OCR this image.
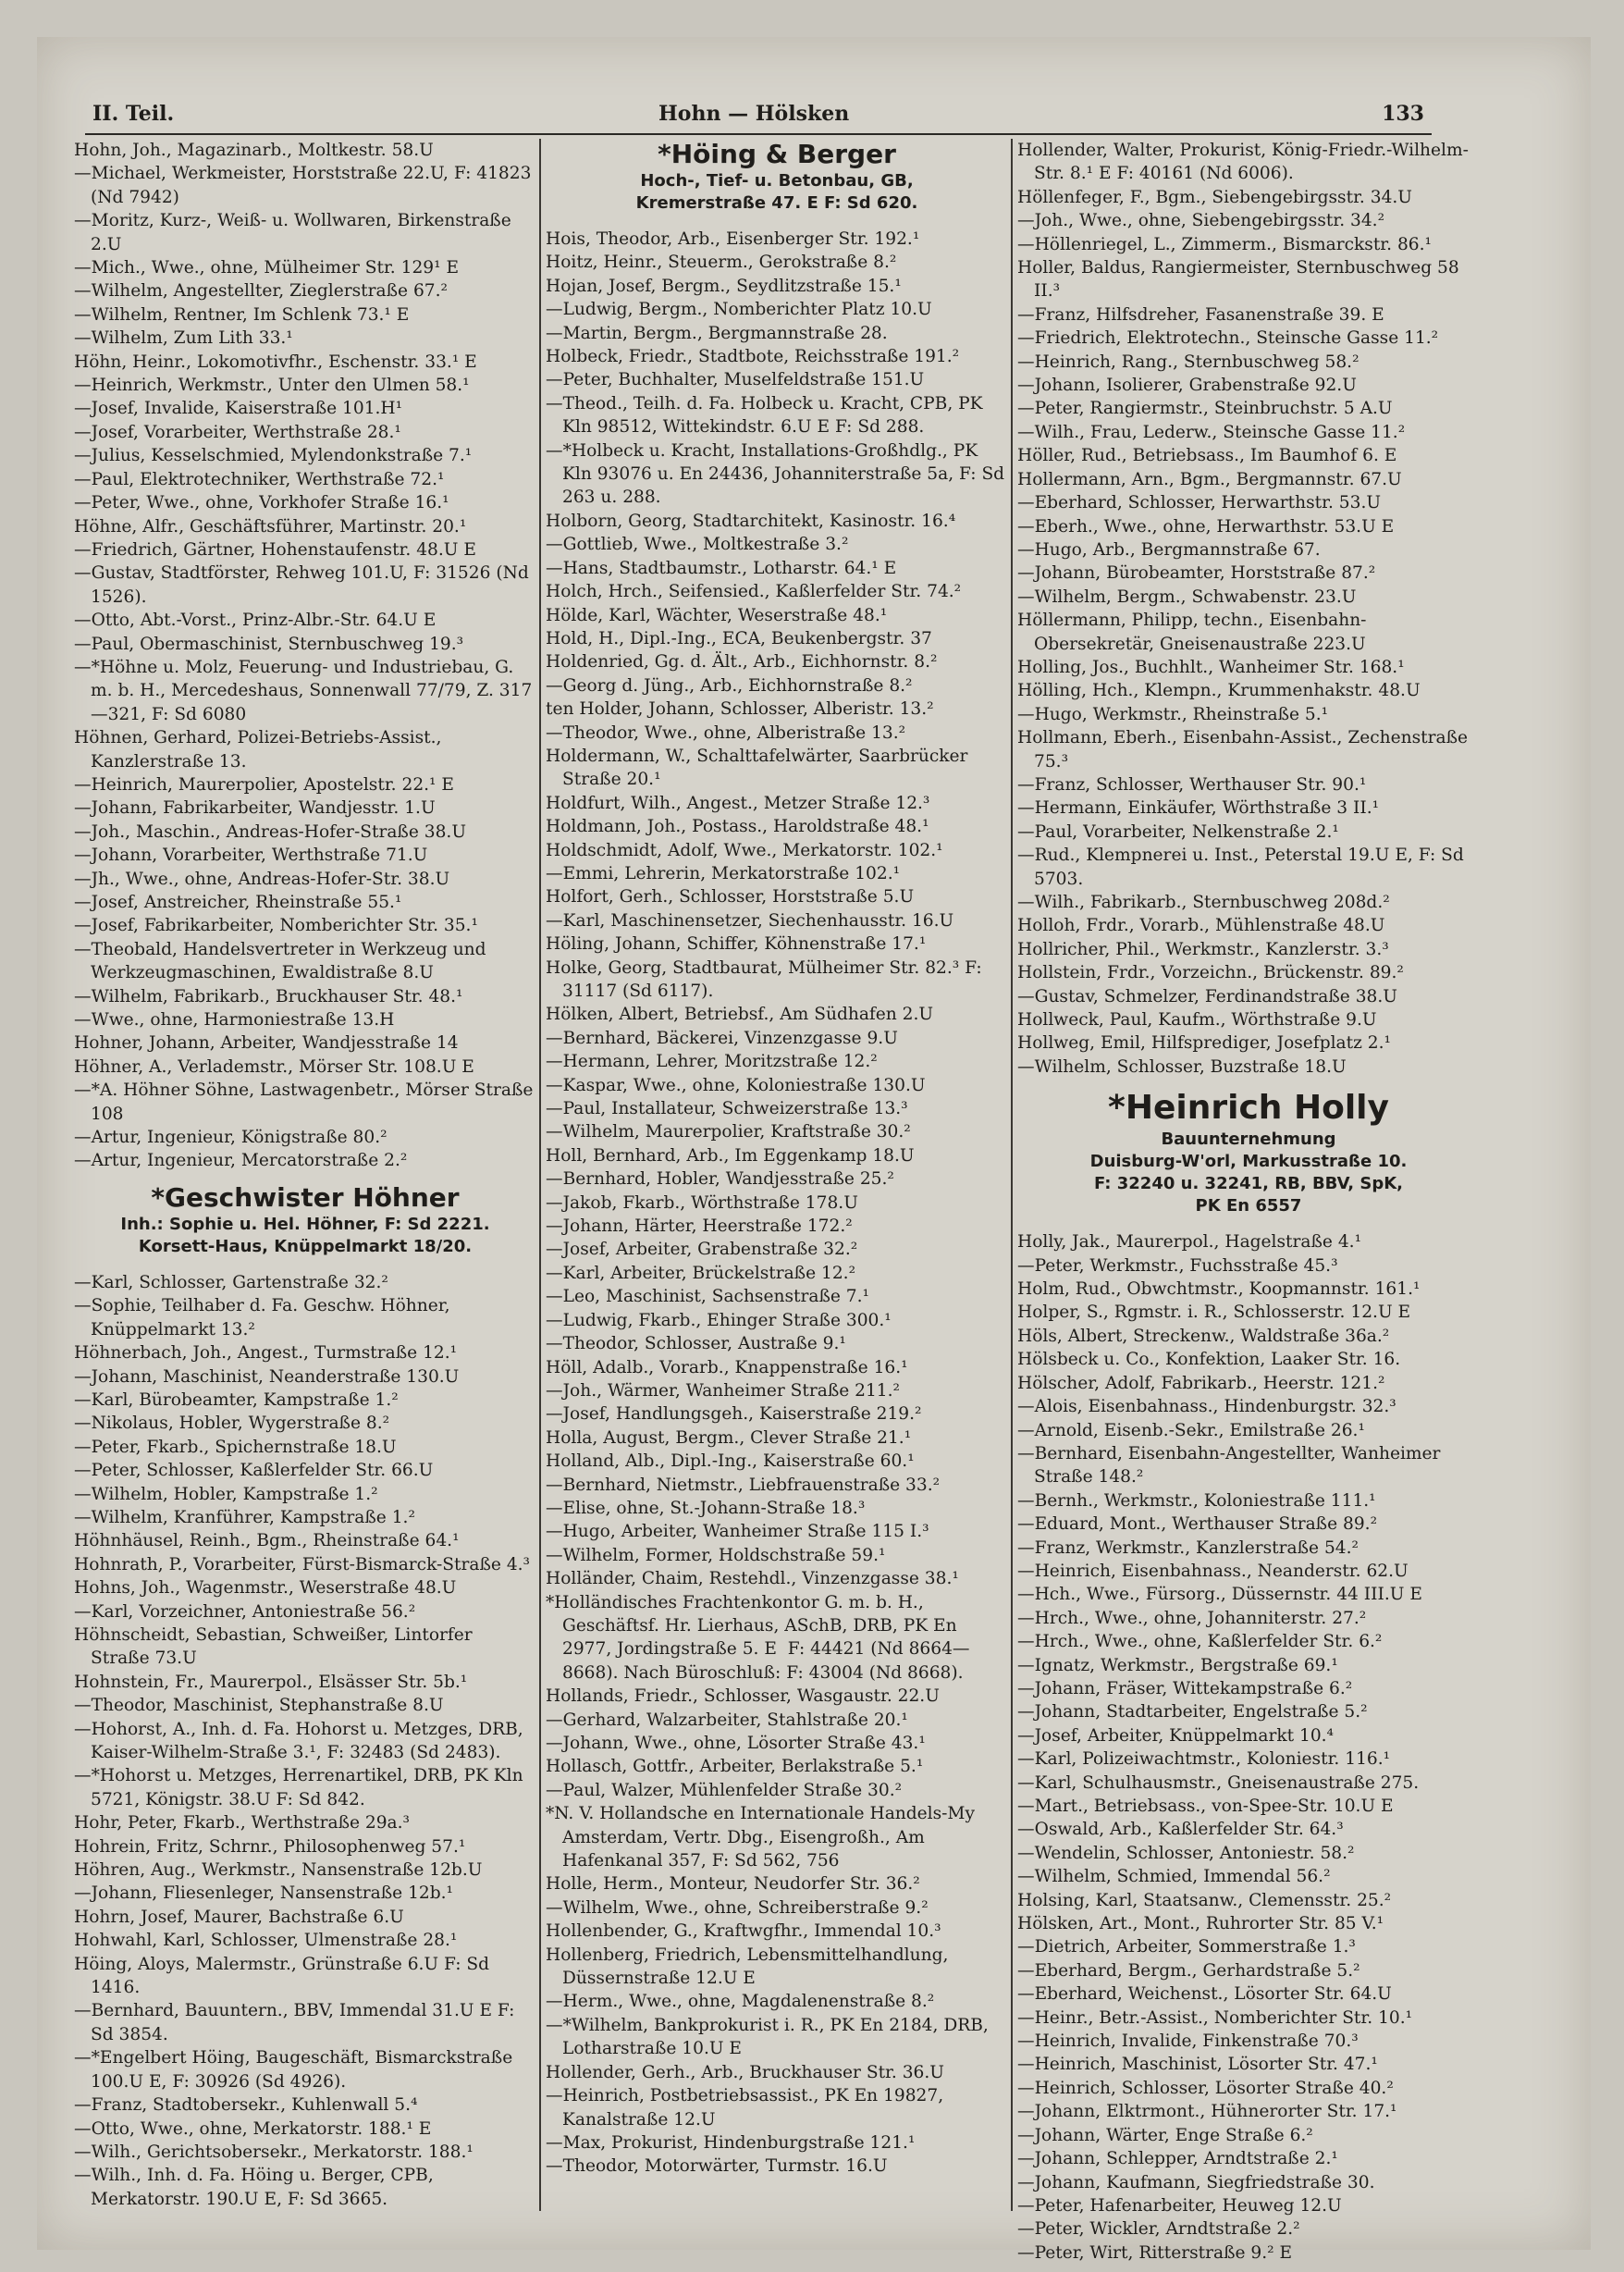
II. Teil.	Hohn — Hölsken	133

Hohn, Joh., Magazinarb., Moltkestr. 58.U

—Michael, Werkmeister, Horststraße 22.U, F: 41823 (Nd 7942)

—Moritz, Kurz-, Weiß- u. Wollwaren, Birkenstraße 2.U

—Mich., Wwe., ohne, Mülheimer Str. 129¹ E

—Wilhelm, Angestellter, Zieglerstraße 67.²

—Wilhelm, Rentner, Im Schlenk 73.¹ E

—Wilhelm, Zum Lith 33.¹

Höhn, Heinr., Lokomotivfhr., Eschenstr. 33.¹ E

—Heinrich, Werkmstr., Unter den Ulmen 58.¹

—Josef, Invalide, Kaiserstraße 101.H¹

—Josef, Vorarbeiter, Werthstraße 28.¹

—Julius, Kesselschmied, Mylendonkstraße 7.¹

—Paul, Elektrotechniker, Werthstraße 72.¹

—Peter, Wwe., ohne, Vorkhofer Straße 16.¹

Höhne, Alfr., Geschäftsführer, Martinstr. 20.¹

—Friedrich, Gärtner, Hohenstaufenstr. 48.U E

—Gustav, Stadtförster, Rehweg 101.U, F: 31526 (Nd 1526).

—Otto, Abt.-Vorst., Prinz-Albr.-Str. 64.U E

—Paul, Obermaschinist, Sternbuschweg 19.³

—*Höhne u. Molz, Feuerung- und Industriebau, G. m. b. H., Mercedeshaus, Sonnenwall 77/79, Z. 317—321, F: Sd 6080

Höhnen, Gerhard, Polizei-Betriebs-Assist., Kanzlerstraße 13.

—Heinrich, Maurerpolier, Apostelstr. 22.¹ E

—Johann, Fabrikarbeiter, Wandjesstr. 1.U

—Joh., Maschin., Andreas-Hofer-Straße 38.U

—Johann, Vorarbeiter, Werthstraße 71.U

—Jh., Wwe., ohne, Andreas-Hofer-Str. 38.U

—Josef, Anstreicher, Rheinstraße 55.¹

—Josef, Fabrikarbeiter, Nomberichter Str. 35.¹

—Theobald, Handelsvertreter in Werkzeug und Werkzeugmaschinen, Ewaldistraße 8.U

—Wilhelm, Fabrikarb., Bruckhauser Str. 48.¹

—Wwe., ohne, Harmoniestraße 13.H

Hohner, Johann, Arbeiter, Wandjesstraße 14

Höhner, A., Verlademstr., Mörser Str. 108.U E

—*A. Höhner Söhne, Lastwagenbetr., Mörser Straße 108

—Artur, Ingenieur, Königstraße 80.²

—Artur, Ingenieur, Mercatorstraße 2.²

*Geschwister Höhner
Inh.: Sophie u. Hel. Höhner, F: Sd 2221.
Korsett-Haus, Knüppelmarkt 18/20.

—Karl, Schlosser, Gartenstraße 32.²

—Sophie, Teilhaber d. Fa. Geschw. Höhner, Knüppelmarkt 13.²

Höhnerbach, Joh., Angest., Turmstraße 12.¹

—Johann, Maschinist, Neanderstraße 130.U

—Karl, Bürobeamter, Kampstraße 1.²

—Nikolaus, Hobler, Wygerstraße 8.²

—Peter, Fkarb., Spichernstraße 18.U

—Peter, Schlosser, Kaßlerfelder Str. 66.U

—Wilhelm, Hobler, Kampstraße 1.²

—Wilhelm, Kranführer, Kampstraße 1.²

Höhnhäusel, Reinh., Bgm., Rheinstraße 64.¹

Hohnrath, P., Vorarbeiter, Fürst-Bismarck-Straße 4.³

Hohns, Joh., Wagenmstr., Weserstraße 48.U

—Karl, Vorzeichner, Antoniestraße 56.²

Höhnscheidt, Sebastian, Schweißer, Lintorfer Straße 73.U

Hohnstein, Fr., Maurerpol., Elsässer Str. 5b.¹

—Theodor, Maschinist, Stephanstraße 8.U

—Hohorst, A., Inh. d. Fa. Hohorst u. Metzges, DRB, Kaiser-Wilhelm-Straße 3.¹, F: 32483 (Sd 2483).

—*Hohorst u. Metzges, Herrenartikel, DRB, PK Kln 5721, Königstr. 38.U F: Sd 842.

Hohr, Peter, Fkarb., Werthstraße 29a.³

Hohrein, Fritz, Schrnr., Philosophenweg 57.¹

Höhren, Aug., Werkmstr., Nansenstraße 12b.U

—Johann, Fliesenleger, Nansenstraße 12b.¹

Hohrn, Josef, Maurer, Bachstraße 6.U

Hohwahl, Karl, Schlosser, Ulmenstraße 28.¹

Höing, Aloys, Malermstr., Grünstraße 6.U F: Sd 1416.

—Bernhard, Bauuntern., BBV, Immendal 31.U E F: Sd 3854.

—*Engelbert Höing, Baugeschäft, Bismarckstraße 100.U E, F: 30926 (Sd 4926).

—Franz, Stadtobersekr., Kuhlenwall 5.⁴

—Otto, Wwe., ohne, Merkatorstr. 188.¹ E

—Wilh., Gerichtsobersekr., Merkatorstr. 188.¹

—Wilh., Inh. d. Fa. Höing u. Berger, CPB, Merkatorstr. 190.U E, F: Sd 3665.

*Höing & Berger
Hoch-, Tief- u. Betonbau, GB,
Kremerstraße 47. E F: Sd 620.

Hois, Theodor, Arb., Eisenberger Str. 192.¹

Hoitz, Heinr., Steuerm., Gerokstraße 8.²

Hojan, Josef, Bergm., Seydlitzstraße 15.¹

—Ludwig, Bergm., Nomberichter Platz 10.U

—Martin, Bergm., Bergmannstraße 28.

Holbeck, Friedr., Stadtbote, Reichsstraße 191.²

—Peter, Buchhalter, Muselfeldstraße 151.U

—Theod., Teilh. d. Fa. Holbeck u. Kracht, CPB, PK Kln 98512, Wittekindstr. 6.U E F: Sd 288.

—*Holbeck u. Kracht, Installations-Großhdlg., PK Kln 93076 u. En 24436, Johanniterstraße 5a, F: Sd 263 u. 288.

Holborn, Georg, Stadtarchitekt, Kasinostr. 16.⁴

—Gottlieb, Wwe., Moltkestraße 3.²

—Hans, Stadtbaumstr., Lotharstr. 64.¹ E

Holch, Hrch., Seifensied., Kaßlerfelder Str. 74.²

Hölde, Karl, Wächter, Weserstraße 48.¹

Hold, H., Dipl.-Ing., ECA, Beukenbergstr. 37

Holdenried, Gg. d. Ält., Arb., Eichhornstr. 8.²

—Georg d. Jüng., Arb., Eichhornstraße 8.²

ten Holder, Johann, Schlosser, Alberistr. 13.²

—Theodor, Wwe., ohne, Alberistraße 13.²

Holdermann, W., Schalttafelwärter, Saarbrücker Straße 20.¹

Holdfurt, Wilh., Angest., Metzer Straße 12.³

Holdmann, Joh., Postass., Haroldstraße 48.¹

Holdschmidt, Adolf, Wwe., Merkatorstr. 102.¹

—Emmi, Lehrerin, Merkatorstraße 102.¹

Holfort, Gerh., Schlosser, Horststraße 5.U

—Karl, Maschinensetzer, Siechenhausstr. 16.U

Höling, Johann, Schiffer, Köhnenstraße 17.¹

Holke, Georg, Stadtbaurat, Mülheimer Str. 82.³ F: 31117 (Sd 6117).

Hölken, Albert, Betriebsf., Am Südhafen 2.U

—Bernhard, Bäckerei, Vinzenzgasse 9.U

—Hermann, Lehrer, Moritzstraße 12.²

—Kaspar, Wwe., ohne, Koloniestraße 130.U

—Paul, Installateur, Schweizerstraße 13.³

—Wilhelm, Maurerpolier, Kraftstraße 30.²

Holl, Bernhard, Arb., Im Eggenkamp 18.U

—Bernhard, Hobler, Wandjesstraße 25.²

—Jakob, Fkarb., Wörthstraße 178.U

—Johann, Härter, Heerstraße 172.²

—Josef, Arbeiter, Grabenstraße 32.²

—Karl, Arbeiter, Brückelstraße 12.²

—Leo, Maschinist, Sachsenstraße 7.¹

—Ludwig, Fkarb., Ehinger Straße 300.¹

—Theodor, Schlosser, Austraße 9.¹

Höll, Adalb., Vorarb., Knappenstraße 16.¹

—Joh., Wärmer, Wanheimer Straße 211.²

—Josef, Handlungsgeh., Kaiserstraße 219.²

Holla, August, Bergm., Clever Straße 21.¹

Holland, Alb., Dipl.-Ing., Kaiserstraße 60.¹

—Bernhard, Nietmstr., Liebfrauenstraße 33.²

—Elise, ohne, St.-Johann-Straße 18.³

—Hugo, Arbeiter, Wanheimer Straße 115 I.³

—Wilhelm, Former, Holdschstraße 59.¹

Holländer, Chaim, Restehdl., Vinzenzgasse 38.¹

*Holländisches Frachtenkontor G. m. b. H., Geschäftsf. Hr. Lierhaus, ASchB, DRB, PK En 2977, Jordingstraße 5. E  F: 44421 (Nd 8664—8668). Nach Büroschluß: F: 43004 (Nd 8668).

Hollands, Friedr., Schlosser, Wasgaustr. 22.U

—Gerhard, Walzarbeiter, Stahlstraße 20.¹

—Johann, Wwe., ohne, Lösorter Straße 43.¹

Hollasch, Gottfr., Arbeiter, Berlakstraße 5.¹

—Paul, Walzer, Mühlenfelder Straße 30.²

*N. V. Hollandsche en Internationale Handels-My Amsterdam, Vertr. Dbg., Eisengroßh., Am Hafenkanal 357, F: Sd 562, 756

Holle, Herm., Monteur, Neudorfer Str. 36.²

—Wilhelm, Wwe., ohne, Schreiberstraße 9.²

Hollenbender, G., Kraftwgfhr., Immendal 10.³

Hollenberg, Friedrich, Lebensmittelhandlung, Düssernstraße 12.U E

—Herm., Wwe., ohne, Magdalenenstraße 8.²

—*Wilhelm, Bankprokurist i. R., PK En 2184, DRB, Lotharstraße 10.U E

Hollender, Gerh., Arb., Bruckhauser Str. 36.U

—Heinrich, Postbetriebsassist., PK En 19827, Kanalstraße 12.U

—Max, Prokurist, Hindenburgstraße 121.¹

—Theodor, Motorwärter, Turmstr. 16.U

Hollender, Walter, Prokurist, König-Friedr.-Wilhelm-Str. 8.¹ E F: 40161 (Nd 6006).

Höllenfeger, F., Bgm., Siebengebirgsstr. 34.U

—Joh., Wwe., ohne, Siebengebirgsstr. 34.²

—Höllenriegel, L., Zimmerm., Bismarckstr. 86.¹

Holler, Baldus, Rangiermeister, Sternbuschweg 58 II.³

—Franz, Hilfsdreher, Fasanenstraße 39. E

—Friedrich, Elektrotechn., Steinsche Gasse 11.²

—Heinrich, Rang., Sternbuschweg 58.²

—Johann, Isolierer, Grabenstraße 92.U

—Peter, Rangiermstr., Steinbruchstr. 5 A.U

—Wilh., Frau, Lederw., Steinsche Gasse 11.²

Höller, Rud., Betriebsass., Im Baumhof 6. E

Hollermann, Arn., Bgm., Bergmannstr. 67.U

—Eberhard, Schlosser, Herwarthstr. 53.U

—Eberh., Wwe., ohne, Herwarthstr. 53.U E

—Hugo, Arb., Bergmannstraße 67.

—Johann, Bürobeamter, Horststraße 87.²

—Wilhelm, Bergm., Schwabenstr. 23.U

Höllermann, Philipp, techn., Eisenbahn-Obersekretär, Gneisenaustraße 223.U

Holling, Jos., Buchhlt., Wanheimer Str. 168.¹

Hölling, Hch., Klempn., Krummenhakstr. 48.U

—Hugo, Werkmstr., Rheinstraße 5.¹

Hollmann, Eberh., Eisenbahn-Assist., Zechenstraße 75.³

—Franz, Schlosser, Werthauser Str. 90.¹

—Hermann, Einkäufer, Wörthstraße 3 II.¹

—Paul, Vorarbeiter, Nelkenstraße 2.¹

—Rud., Klempnerei u. Inst., Peterstal 19.U E, F: Sd 5703.

—Wilh., Fabrikarb., Sternbuschweg 208d.²

Holloh, Frdr., Vorarb., Mühlenstraße 48.U

Hollricher, Phil., Werkmstr., Kanzlerstr. 3.³

Hollstein, Frdr., Vorzeichn., Brückenstr. 89.²

—Gustav, Schmelzer, Ferdinandstraße 38.U

Hollweck, Paul, Kaufm., Wörthstraße 9.U

Hollweg, Emil, Hilfsprediger, Josefplatz 2.¹

—Wilhelm, Schlosser, Buzstraße 18.U

*Heinrich Holly
Bauunternehmung
Duisburg-W'orl, Markusstraße 10.
F: 32240 u. 32241, RB, BBV, SpK,
PK En 6557

Holly, Jak., Maurerpol., Hagelstraße 4.¹

—Peter, Werkmstr., Fuchsstraße 45.³

Holm, Rud., Obwchtmstr., Koopmannstr. 161.¹

Holper, S., Rgmstr. i. R., Schlosserstr. 12.U E

Höls, Albert, Streckenw., Waldstraße 36a.²

Hölsbeck u. Co., Konfektion, Laaker Str. 16.

Hölscher, Adolf, Fabrikarb., Heerstr. 121.²

—Alois, Eisenbahnass., Hindenburgstr. 32.³

—Arnold, Eisenb.-Sekr., Emilstraße 26.¹

—Bernhard, Eisenbahn-Angestellter, Wanheimer Straße 148.²

—Bernh., Werkmstr., Koloniestraße 111.¹

—Eduard, Mont., Werthauser Straße 89.²

—Franz, Werkmstr., Kanzlerstraße 54.²

—Heinrich, Eisenbahnass., Neanderstr. 62.U

—Hch., Wwe., Fürsorg., Düssernstr. 44 III.U E

—Hrch., Wwe., ohne, Johanniterstr. 27.²

—Hrch., Wwe., ohne, Kaßlerfelder Str. 6.²

—Ignatz, Werkmstr., Bergstraße 69.¹

—Johann, Fräser, Wittekampstraße 6.²

—Johann, Stadtarbeiter, Engelstraße 5.²

—Josef, Arbeiter, Knüppelmarkt 10.⁴

—Karl, Polizeiwachtmstr., Koloniestr. 116.¹

—Karl, Schulhausmstr., Gneisenaustraße 275.

—Mart., Betriebsass., von-Spee-Str. 10.U E

—Oswald, Arb., Kaßlerfelder Str. 64.³

—Wendelin, Schlosser, Antoniestr. 58.²

—Wilhelm, Schmied, Immendal 56.²

Holsing, Karl, Staatsanw., Clemensstr. 25.²

Hölsken, Art., Mont., Ruhrorter Str. 85 V.¹

—Dietrich, Arbeiter, Sommerstraße 1.³

—Eberhard, Bergm., Gerhardstraße 5.²

—Eberhard, Weichenst., Lösorter Str. 64.U

—Heinr., Betr.-Assist., Nomberichter Str. 10.¹

—Heinrich, Invalide, Finkenstraße 70.³

—Heinrich, Maschinist, Lösorter Str. 47.¹

—Heinrich, Schlosser, Lösorter Straße 40.²

—Johann, Elktrmont., Hühnerorter Str. 17.¹

—Johann, Wärter, Enge Straße 6.²

—Johann, Schlepper, Arndtstraße 2.¹

—Johann, Kaufmann, Siegfriedstraße 30.

—Peter, Hafenarbeiter, Heuweg 12.U

—Peter, Wickler, Arndtstraße 2.²

—Peter, Wirt, Ritterstraße 9.² E
